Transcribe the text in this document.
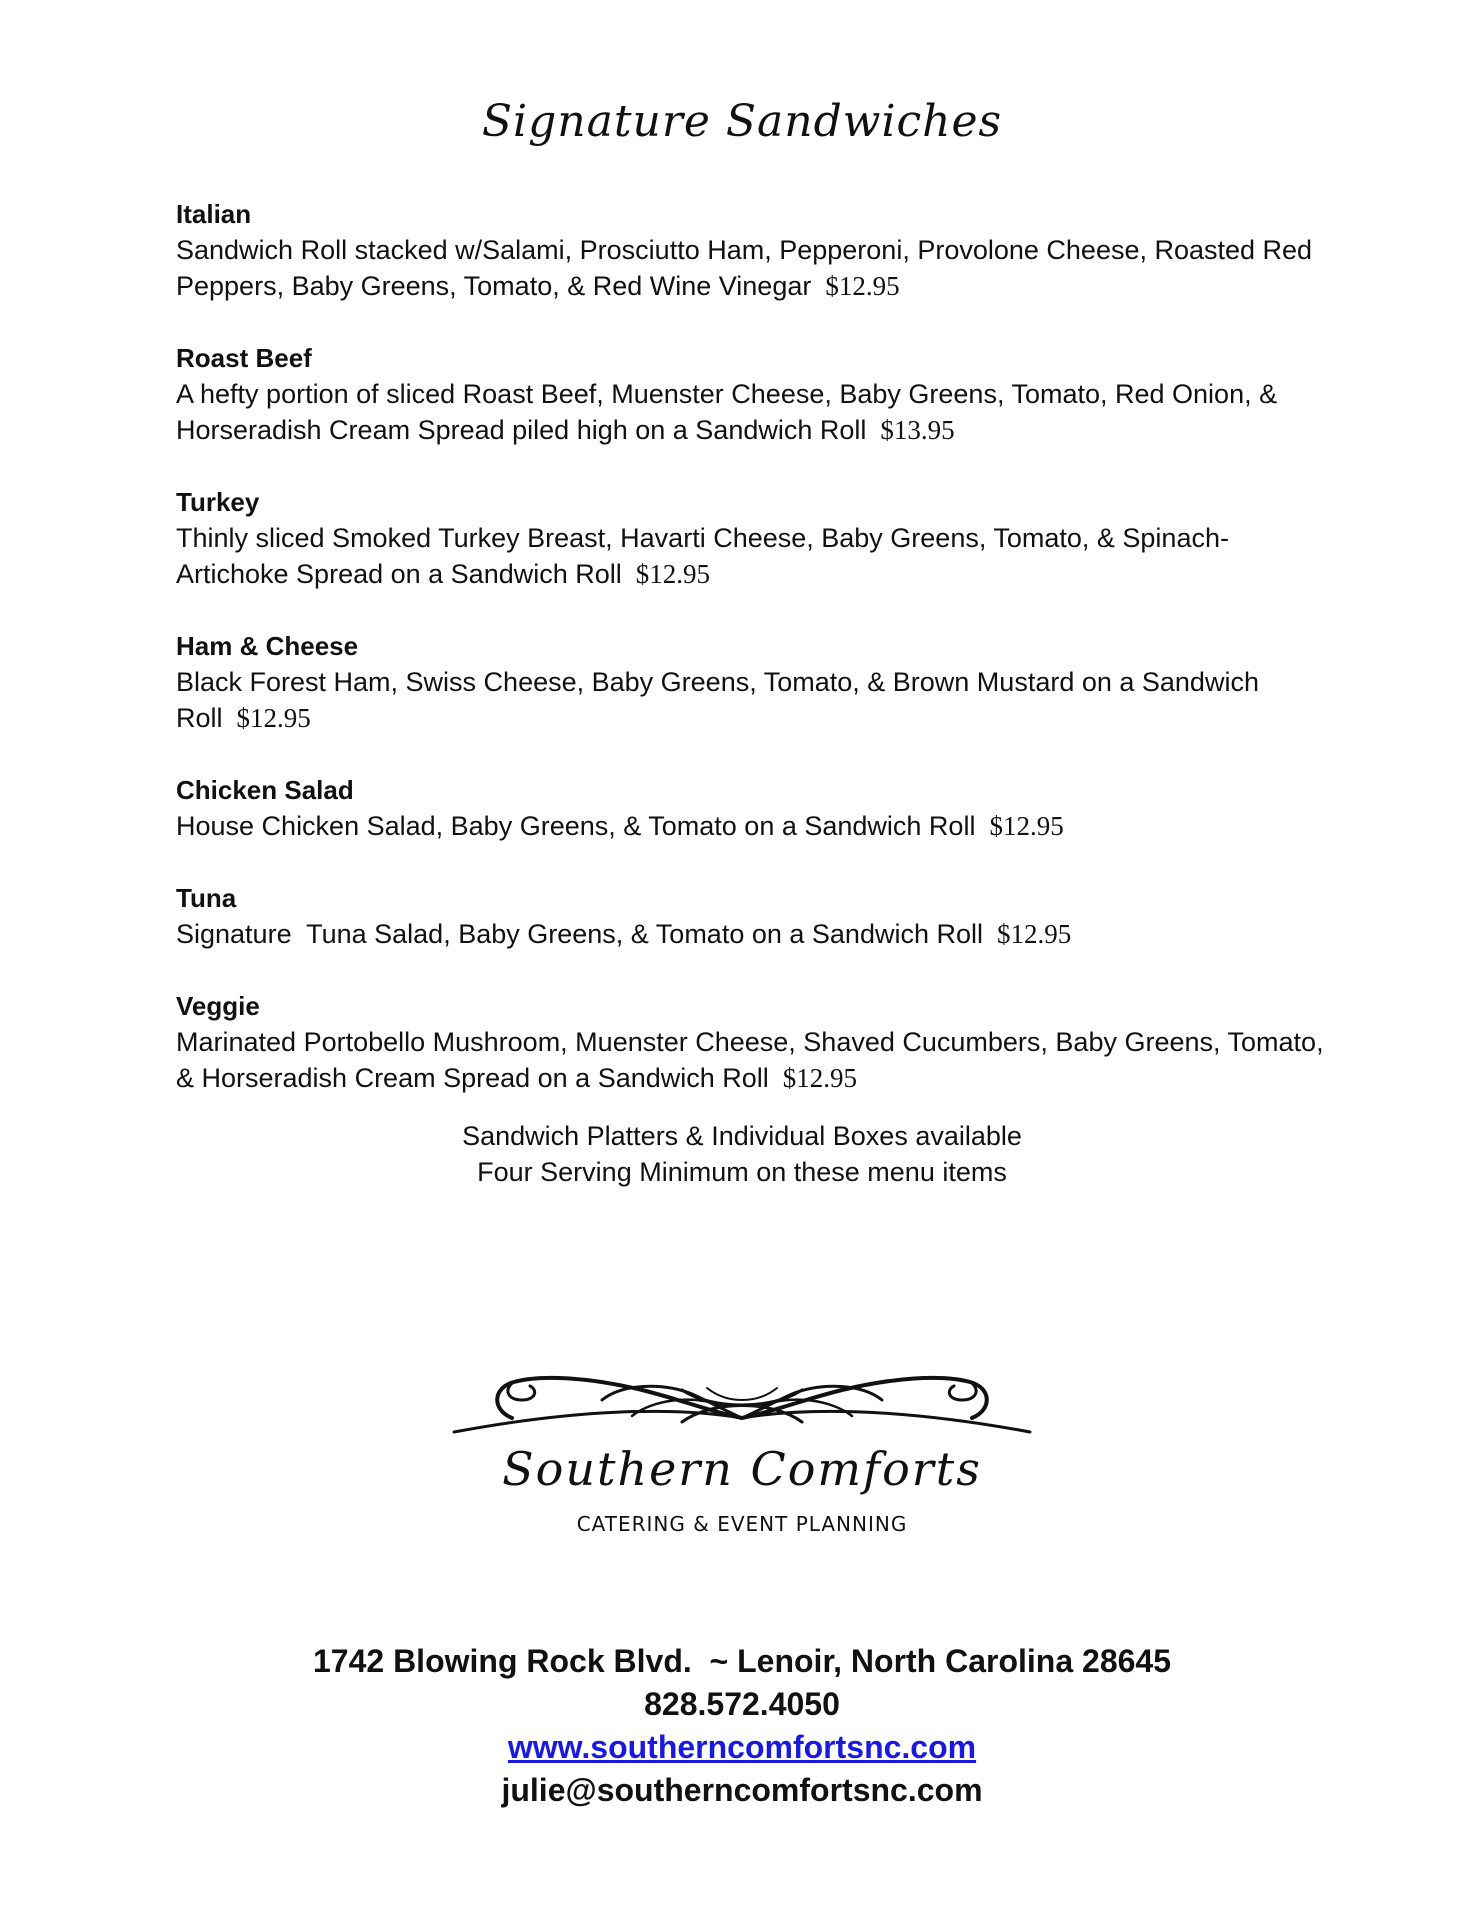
Signature Sandwiches
Italian
Sandwich Roll stacked w/Salami, Prosciutto Ham, Pepperoni, Provolone Cheese, Roasted Red Peppers, Baby Greens, Tomato, & Red Wine Vinegar $12.95
Roast Beef
A hefty portion of sliced Roast Beef, Muenster Cheese, Baby Greens, Tomato, Red Onion, & Horseradish Cream Spread piled high on a Sandwich Roll $13.95
Turkey
Thinly sliced Smoked Turkey Breast, Havarti Cheese, Baby Greens, Tomato, & Spinach-Artichoke Spread on a Sandwich Roll $12.95
Ham & Cheese
Black Forest Ham, Swiss Cheese, Baby Greens, Tomato, & Brown Mustard on a Sandwich Roll $12.95
Chicken Salad
House Chicken Salad, Baby Greens, & Tomato on a Sandwich Roll $12.95
Tuna
Signature  Tuna Salad, Baby Greens, & Tomato on a Sandwich Roll $12.95
Veggie
Marinated Portobello Mushroom, Muenster Cheese, Shaved Cucumbers, Baby Greens, Tomato, & Horseradish Cream Spread on a Sandwich Roll $12.95
Sandwich Platters & Individual Boxes available
Four Serving Minimum on these menu items
Southern Comforts
CATERING & EVENT PLANNING
1742 Blowing Rock Blvd.  ~ Lenoir, North Carolina 28645
828.572.4050
www.southerncomfortsnc.com
julie@southerncomfortsnc.com
